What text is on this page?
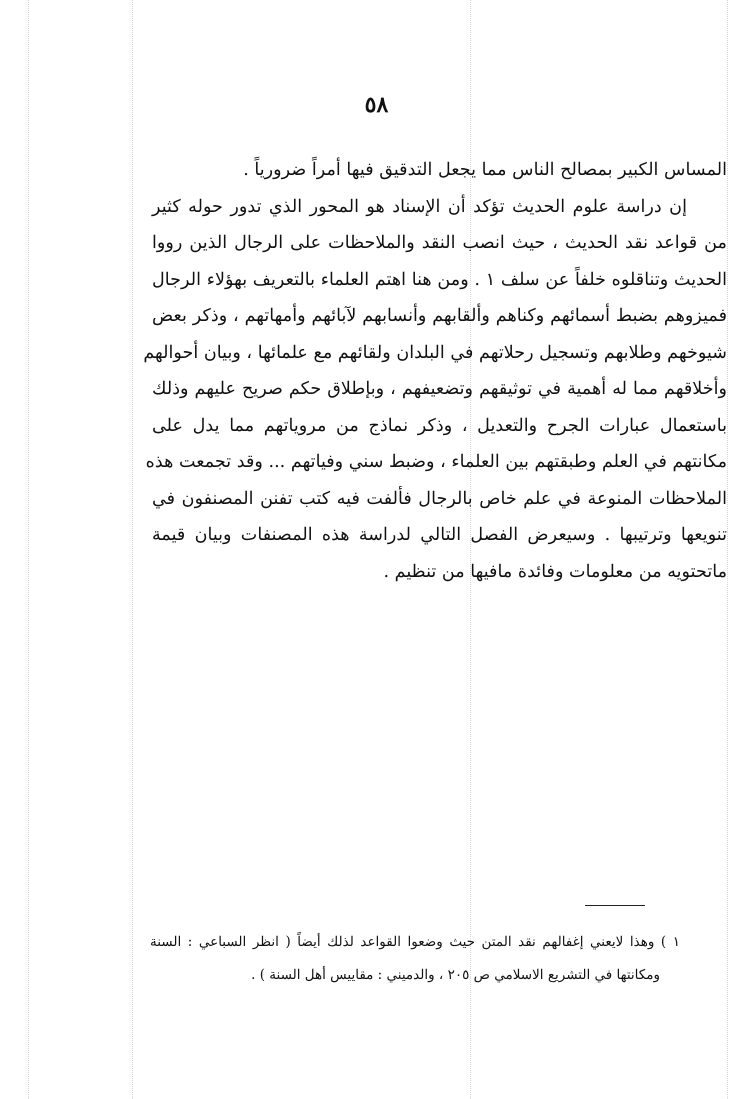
٥٨
المساس الكبير بمصالح الناس مما يجعل التدقيق فيها أمراً ضرورياً .
إن دراسة علوم الحديث تؤكد أن الإسناد هو المحور الذي تدور حوله كثير
من قواعد نقد الحديث ، حيث انصب النقد والملاحظات على الرجال الذين رووا
الحديث وتناقلوه خلفاً عن سلف ١ . ومن هنا اهتم العلماء بالتعريف بهؤلاء الرجال
فميزوهم بضبط أسمائهم وكناهم وألقابهم وأنسابهم لآبائهم وأمهاتهم ، وذكر بعض
شيوخهم وطلابهم وتسجيل رحلاتهم في البلدان ولقائهم مع علمائها ، وبيان أحوالهم
وأخلاقهم مما له أهمية في توثيقهم وتضعيفهم ، وبإطلاق حكم صريح عليهم وذلك
باستعمال عبارات الجرح والتعديل ، وذكر نماذج من مروياتهم مما يدل على
مكانتهم في العلم وطبقتهم بين العلماء ، وضبط سني وفياتهم ... وقد تجمعت هذه
الملاحظات المنوعة في علم خاص بالرجال فألفت فيه كتب تفنن المصنفون في
تنويعها وترتيبها . وسيعرض الفصل التالي لدراسة هذه المصنفات وبيان قيمة
ماتحتويه من معلومات وفائدة مافيها من تنظيم .
١ ) وهذا لايعني إغفالهم نقد المتن حيث وضعوا القواعد لذلك أيضاً ( انظر السباعي : السنة
ومكانتها في التشريع الاسلامي ص ٢٠٥ ، والدميني : مقاييس أهل السنة ) .
